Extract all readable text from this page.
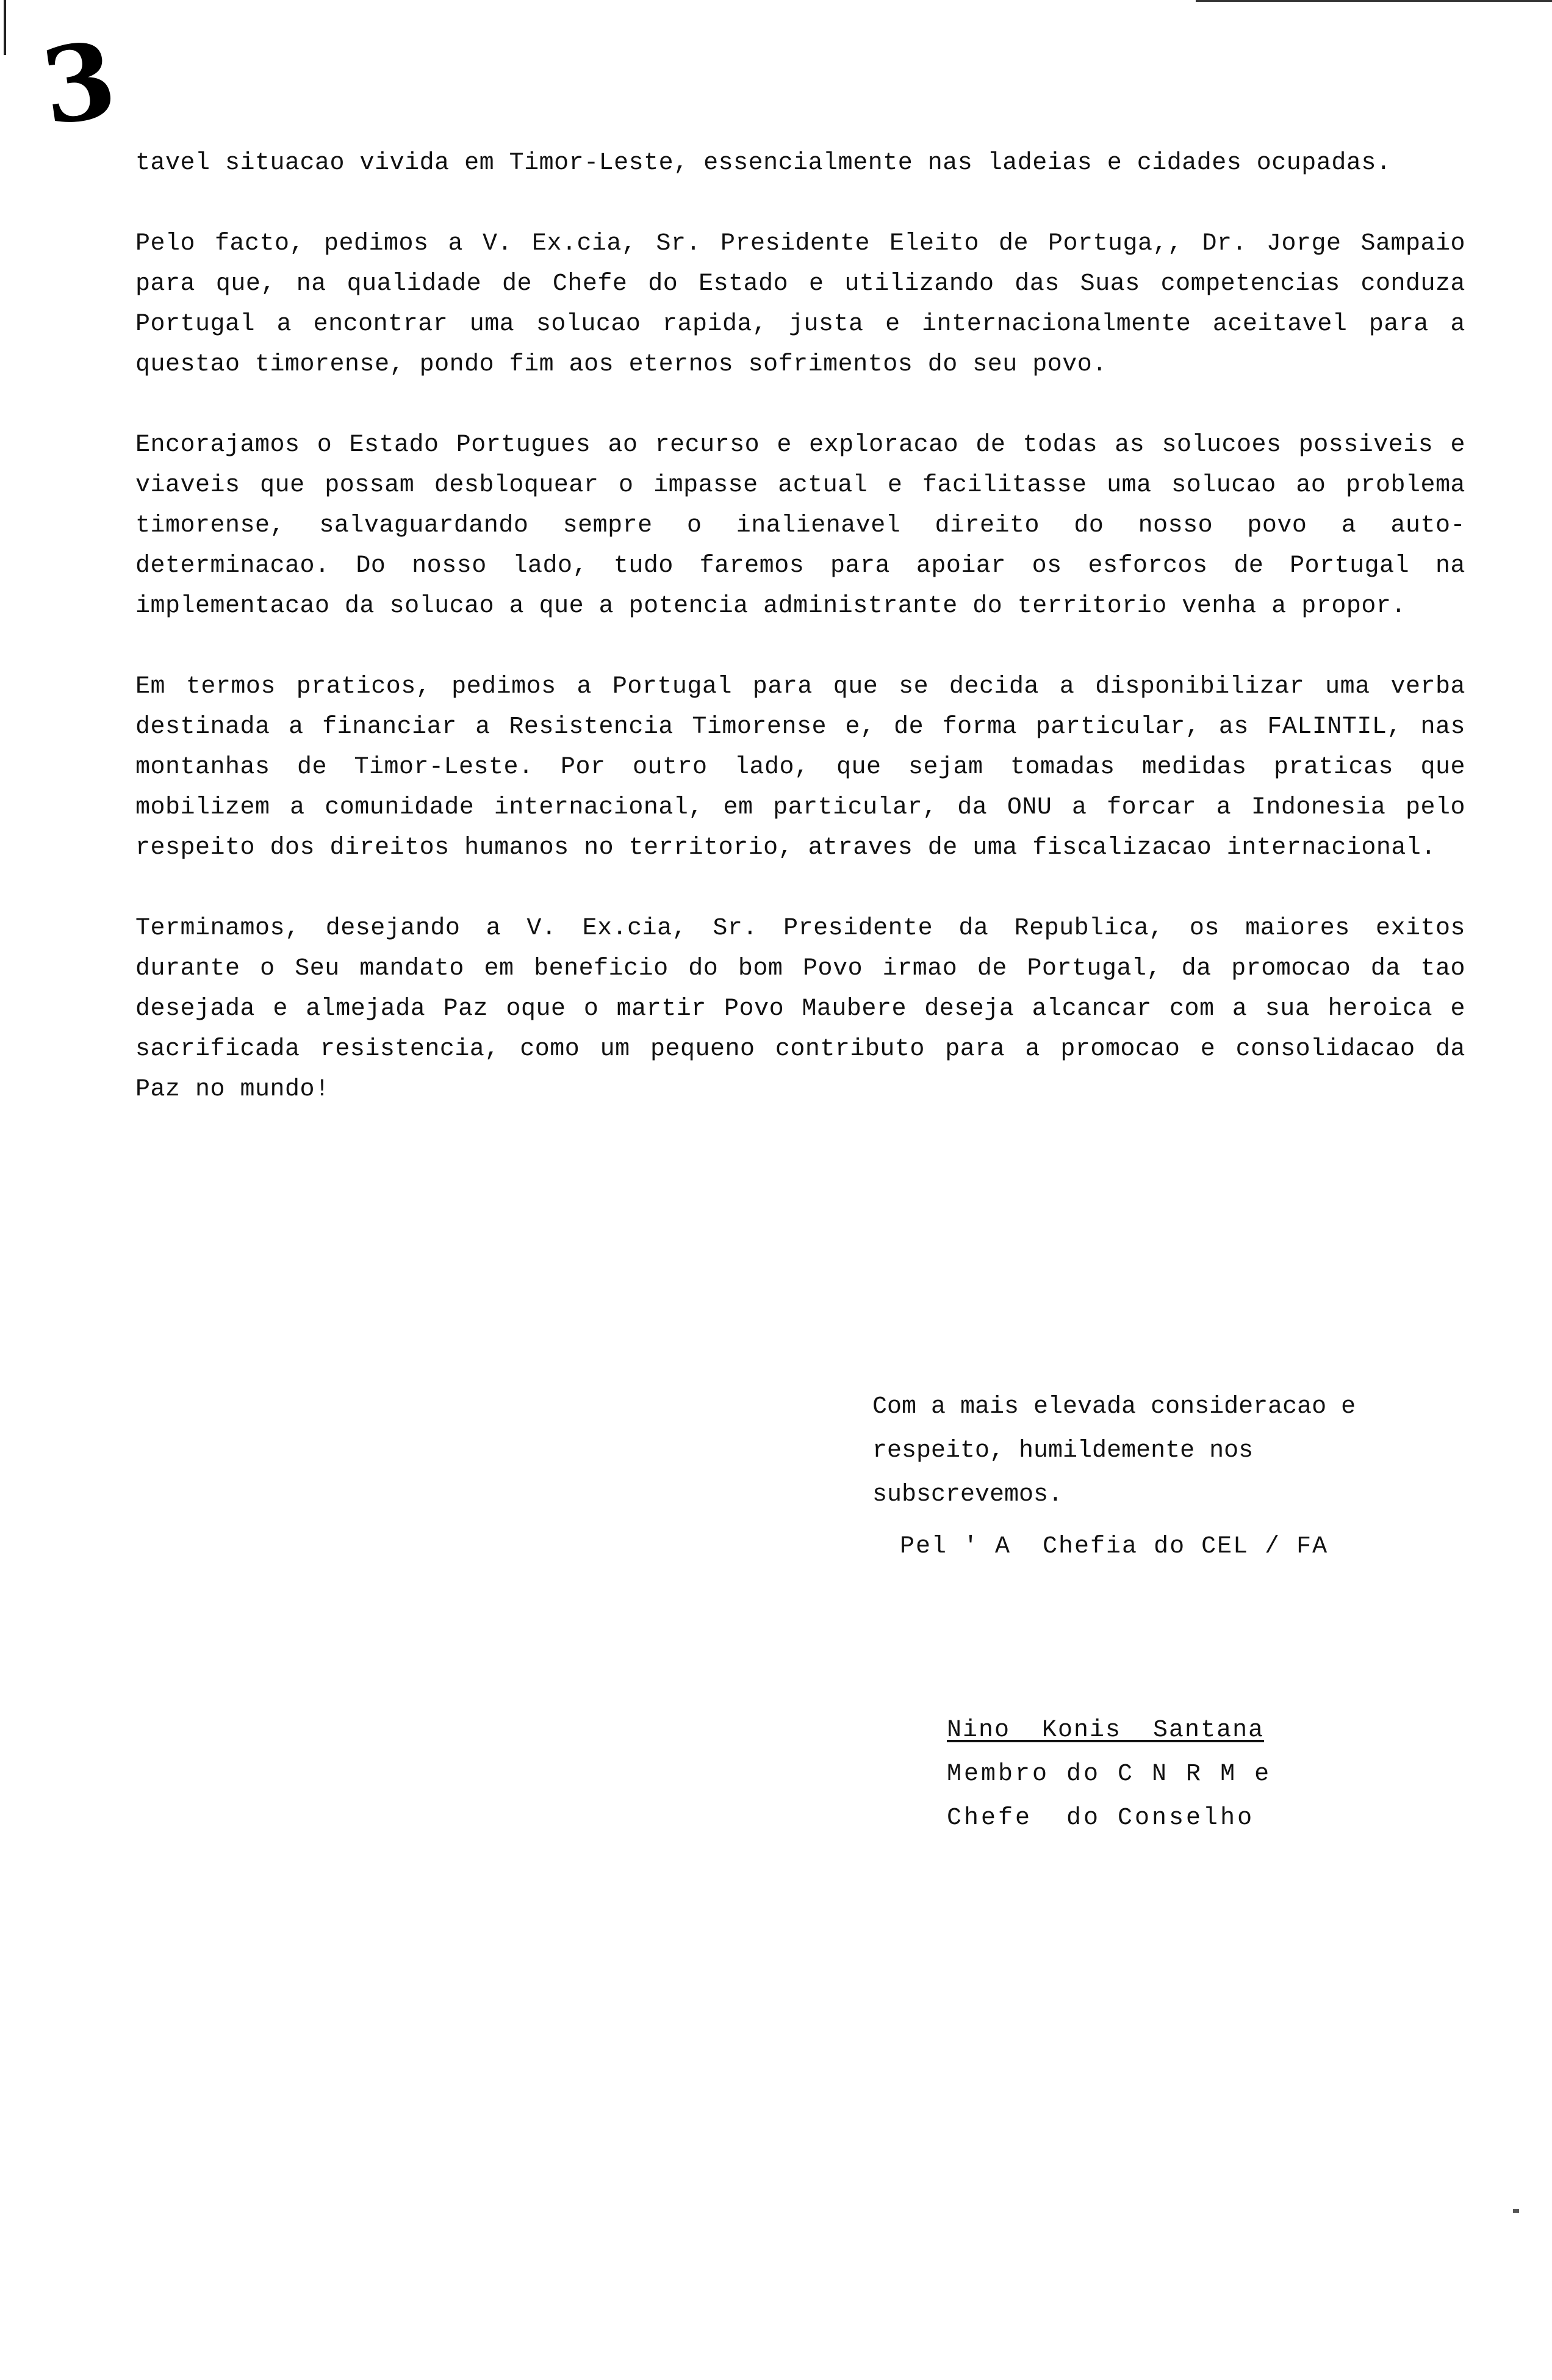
3

tavel situacao vivida em Timor-Leste, essencialmente nas ladeias e cidades ocupadas.

Pelo facto, pedimos a V. Ex.cia, Sr. Presidente Eleito de Portuga,, Dr. Jorge Sampaio para que, na qualidade de Chefe do Estado e utilizando das Suas competencias conduza Portugal a encontrar uma solucao rapida, justa e internacionalmente aceitavel para a questao timorense, pondo fim aos eternos sofrimentos do seu povo.

Encorajamos o Estado Portugues ao recurso e exploracao de todas as solucoes possiveis e viaveis que possam desbloquear o impasse actual e facilitasse uma solucao ao problema timorense, salvaguardando sempre o inalienavel direito do nosso povo a auto-determinacao. Do nosso lado, tudo faremos para apoiar os esforcos de Portugal na implementacao da solucao a que a potencia administrante do territorio venha a propor.

Em termos praticos, pedimos a Portugal para que se decida a disponibilizar uma verba destinada a financiar a Resistencia Timorense e, de forma particular, as FALINTIL, nas montanhas de Timor-Leste. Por outro lado, que sejam tomadas medidas praticas que mobilizem a comunidade internacional, em particular, da ONU a forcar a Indonesia pelo respeito dos direitos humanos no territorio, atraves de uma fiscalizacao internacional.

Terminamos, desejando a V. Ex.cia, Sr. Presidente da Republica, os maiores exitos durante o Seu mandato em beneficio do bom Povo irmao de Portugal, da promocao da tao desejada e almejada Paz oque o martir Povo Maubere deseja alcancar com a sua heroica e sacrificada resistencia, como um pequeno contributo para a promocao e consolidacao da Paz no mundo!

Com a mais elevada consideracao e respeito, humildemente nos subscrevemos.
Pel ' A  Chefia do CEL / FA
Nino  Konis  Santana
Membro do C N R M e
Chefe  do Conselho
